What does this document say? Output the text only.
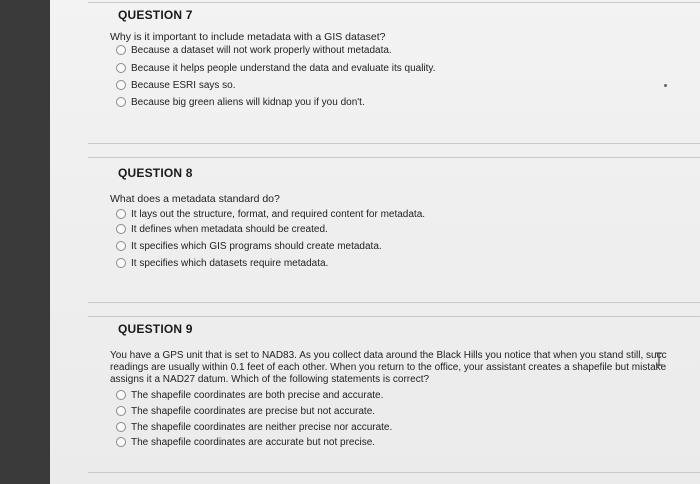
QUESTION 7
Why is it important to include metadata with a GIS dataset?
Because a dataset will not work properly without metadata.
Because it helps people understand the data and evaluate its quality.
Because ESRI says so.
Because big green aliens will kidnap you if you don't.
QUESTION 8
What does a metadata standard do?
It lays out the structure, format, and required content for metadata.
It defines when metadata should be created.
It specifies which GIS programs should create metadata.
It specifies which datasets require metadata.
QUESTION 9
You have a GPS unit that is set to NAD83. As you collect data around the Black Hills you notice that when you stand still, succ
readings are usually within 0.1 feet of each other. When you return to the office, your assistant creates a shapefile but mistake
assigns it a NAD27 datum. Which of the following statements is correct?
The shapefile coordinates are both precise and accurate.
The shapefile coordinates are precise but not accurate.
The shapefile coordinates are neither precise nor accurate.
The shapefile coordinates are accurate but not precise.
